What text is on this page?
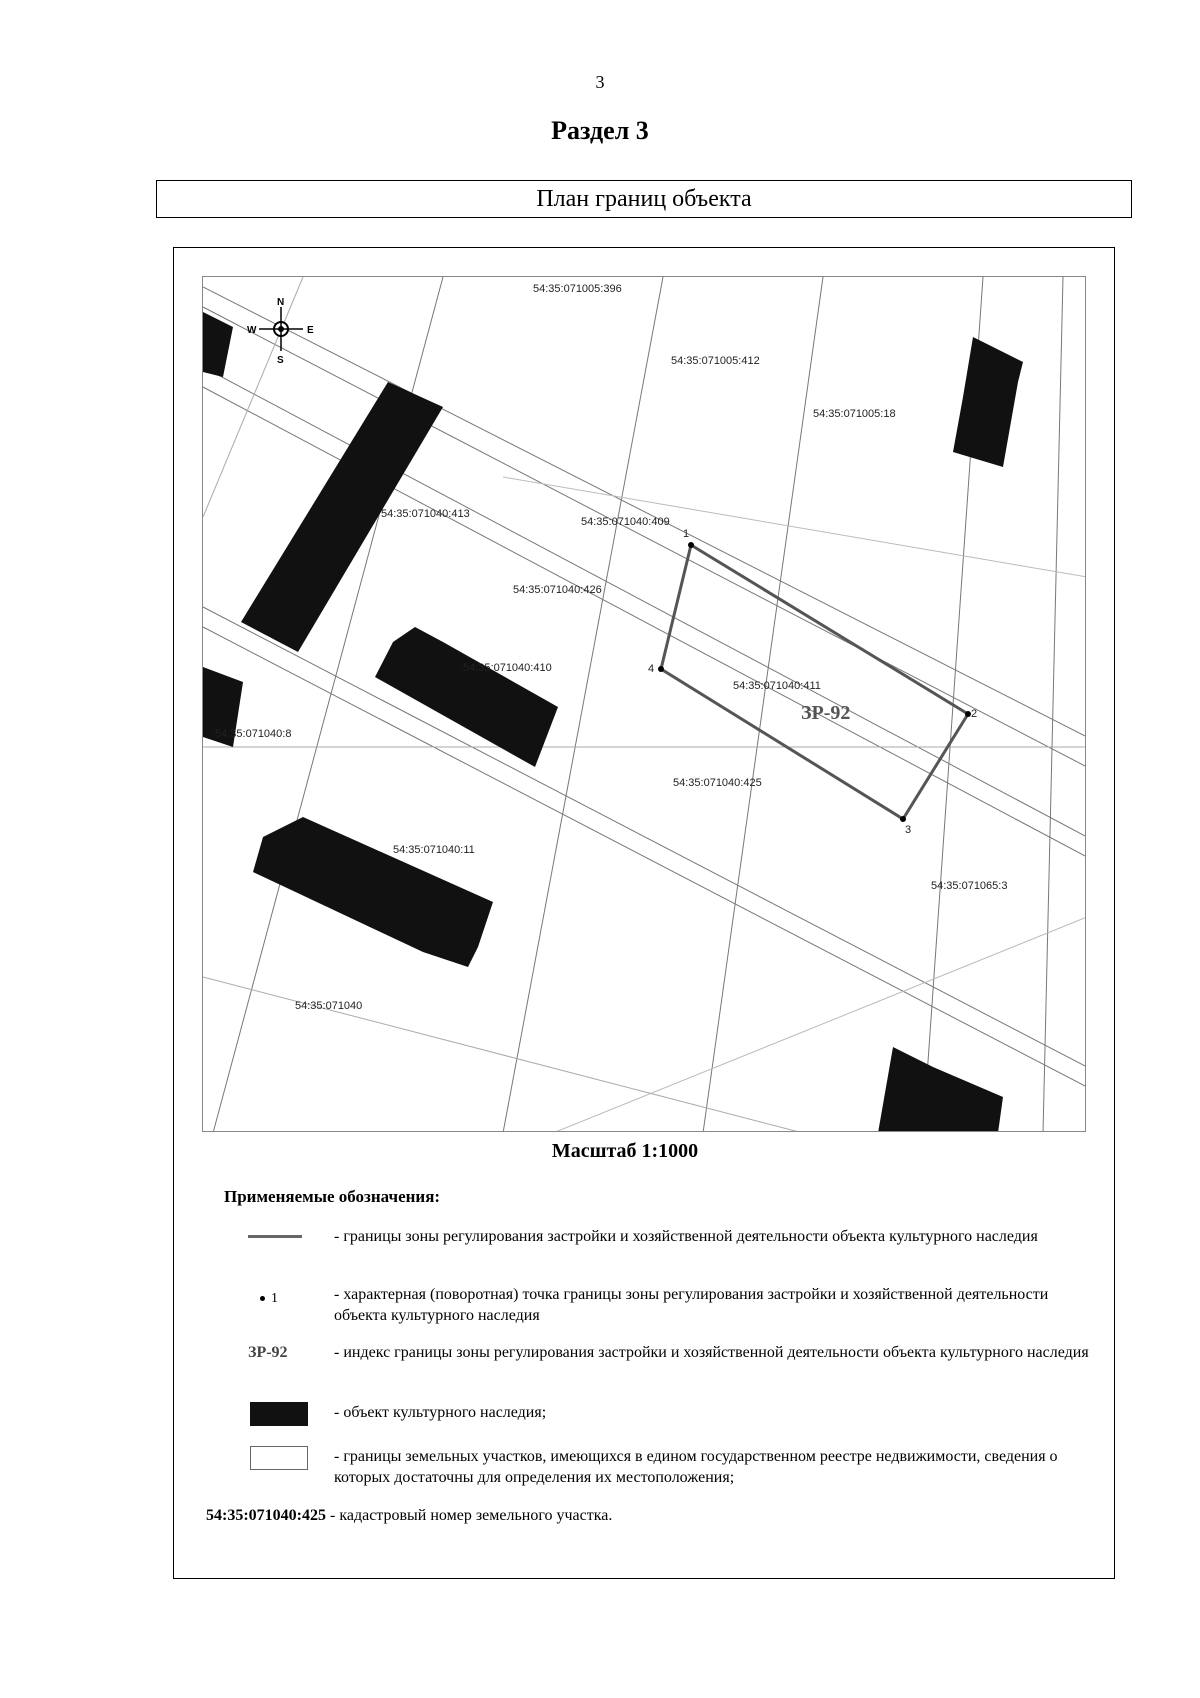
3
Раздел 3
План границ объекта
1
2
3
4
N
S
W	E
54:35:071005:396
54:35:071005:412
54:35:071005:18
54:35:071040:413
54:35:071040:409
54:35:071040:426
54:35:071040:410
54:35:071040:411
ЗР-92
54:35:071040:8
54:35:071040:425
54:35:071040:11
54:35:071065:3
54:35:071040
Масштаб 1:1000
Применяемые обозначения:
- границы зоны регулирования застройки и хозяйственной деятельности объекта культурного наследия
1	- характерная (поворотная) точка границы зоны регулирования застройки и хозяйственной деятельности объекта культурного наследия
ЗР-92	- индекс границы зоны регулирования застройки и хозяйственной деятельности объекта культурного наследия
- объект культурного наследия;
- границы земельных участков, имеющихся в едином государственном реестре недвижимости, сведения о которых достаточны для определения их местоположения;
54:35:071040:425 - кадастровый номер земельного участка.
